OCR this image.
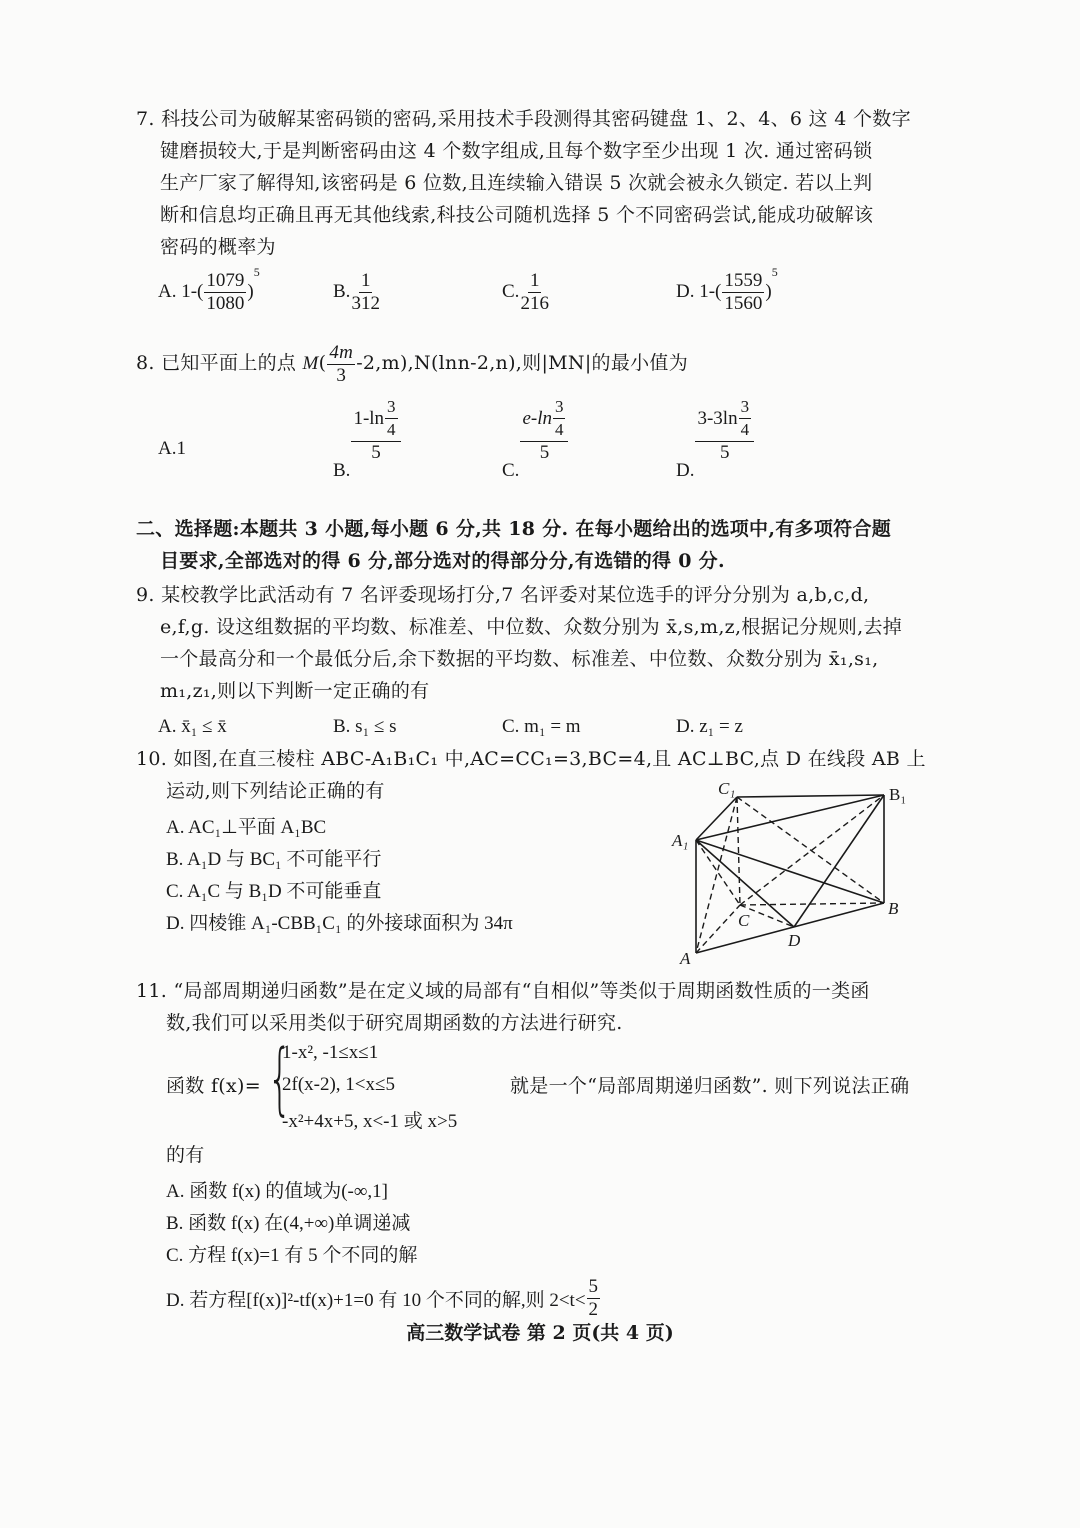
7. 科技公司为破解某密码锁的密码,采用技术手段测得其密码键盘 1、2、4、6 这 4 个数字
键磨损较大,于是判断密码由这 4 个数字组成,且每个数字至少出现 1 次. 通过密码锁
生产厂家了解得知,该密码是 6 位数,且连续输入错误 5 次就会被永久锁定. 若以上判
断和信息均正确且再无其他线索,科技公司随机选择 5 个不同密码尝试,能成功破解该
密码的概率为
A. $1-( \frac{1079}{1080} )^5$
B. $\frac{1}{312}$	C. $\frac{1}{216}$	D. $1-( \frac{1559}{1560} )^5$
8. 已知平面上的点 $M( \frac{4m}{3} -2,m),N(\ln n-2,n)$,则|MN|的最小值为
A.1
B.
$\frac{1-\ln \frac{3}{4}}{5}$
C.
$\frac{e-\ln \frac{3}{4}}{5}$
D.
$\frac{3-3\ln \frac{3}{4}}{5}$
二、选择题:本题共 3 小题,每小题 6 分,共 18 分. 在每小题给出的选项中,有多项符合题
目要求,全部选对的得 6 分,部分选对的得部分分,有选错的得 0 分.
9. 某校教学比武活动有 7 名评委现场打分,7 名评委对某位选手的评分分别为 a,b,c,d,
e,f,g. 设这组数据的平均数、标准差、中位数、众数分别为 x̄,s,m,z,根据记分规则,去掉
一个最高分和一个最低分后,余下数据的平均数、标准差、中位数、众数分别为 x̄₁,s₁,
m₁,z₁,则以下判断一定正确的有
A. x̄₁ ≤ x̄	B. s₁ ≤ s	C. m₁ = m	D. z₁ = z
10. 如图,在直三棱柱 ABC-A₁B₁C₁ 中,AC=CC₁=3,BC=4,且 AC⊥BC,点 D 在线段 AB 上
运动,则下列结论正确的有
A. AC₁⊥平面 A₁BC
B. A₁D 与 BC₁ 不可能平行
C. A₁C 与 B₁D 不可能垂直
D. 四棱锥 A₁-CBB₁C₁ 的外接球面积为 34π
C₁	B₁
A₁
B
C
D
A
11. “局部周期递归函数”是在定义域的局部有“自相似”等类似于周期函数性质的一类函
数,我们可以采用类似于研究周期函数的方法进行研究.
函数 f(x)= {
1-x², -1≤x≤1
2f(x-2), 1<x≤5
-x²+4x+5, x<-1 或 x>5
就是一个“局部周期递归函数”. 则下列说法正确
的有
A. 函数 f(x) 的值域为(-∞,1]
B. 函数 f(x) 在(4,+∞)单调递减
C. 方程 f(x)=1 有 5 个不同的解
D. 若方程[f(x)]²-tf(x)+1=0 有 10 个不同的解,则 $2<t< \frac{5}{2}$
高三数学试卷 第 2 页(共 4 页)
